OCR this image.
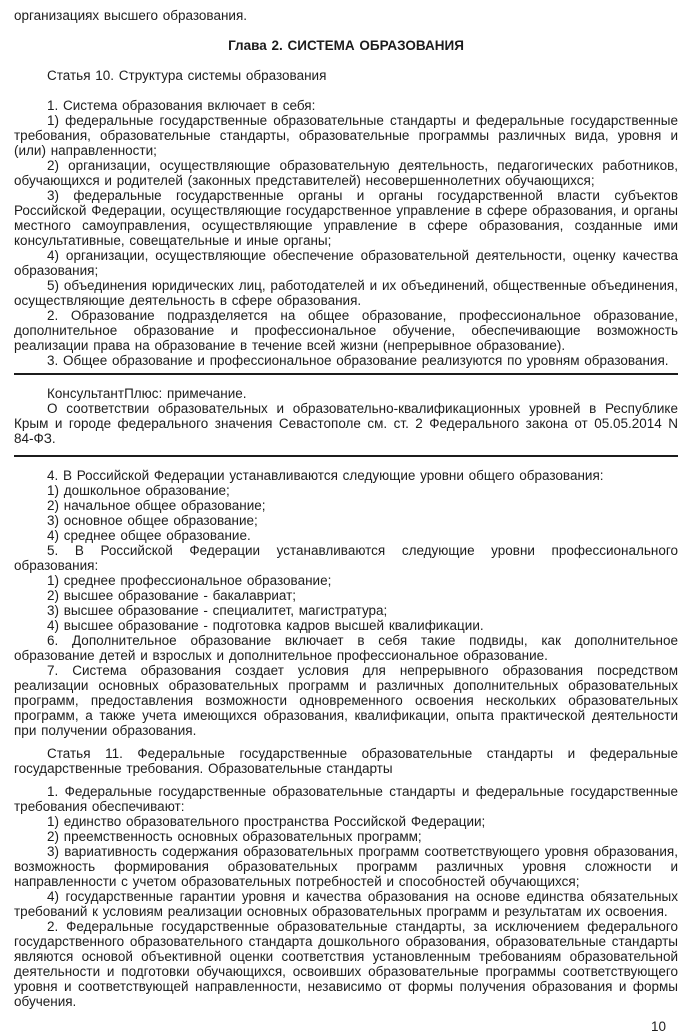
организациях высшего образования.

Глава 2. СИСТЕМА ОБРАЗОВАНИЯ

Статья 10. Структура системы образования

1. Система образования включает в себя:

1) федеральные государственные образовательные стандарты и федеральные государственные требования, образовательные стандарты, образовательные программы различных вида, уровня и (или) направленности;

2) организации, осуществляющие образовательную деятельность, педагогических работников, обучающихся и родителей (законных представителей) несовершеннолетних обучающихся;

3) федеральные государственные органы и органы государственной власти субъектов Российской Федерации, осуществляющие государственное управление в сфере образования, и органы местного самоуправления, осуществляющие управление в сфере образования, созданные ими консультативные, совещательные и иные органы;

4) организации, осуществляющие обеспечение образовательной деятельности, оценку качества образования;

5) объединения юридических лиц, работодателей и их объединений, общественные объединения, осуществляющие деятельность в сфере образования.

2. Образование подразделяется на общее образование, профессиональное образование, дополнительное образование и профессиональное обучение, обеспечивающие возможность реализации права на образование в течение всей жизни (непрерывное образование).

3. Общее образование и профессиональное образование реализуются по уровням образования.

КонсультантПлюс: примечание.

О соответствии образовательных и образовательно-квалификационных уровней в Республике Крым и городе федерального значения Севастополе см. ст. 2 Федерального закона от 05.05.2014 N 84-ФЗ.

4. В Российской Федерации устанавливаются следующие уровни общего образования:

1) дошкольное образование;

2) начальное общее образование;

3) основное общее образование;

4) среднее общее образование.

5. В Российской Федерации устанавливаются следующие уровни профессионального образования:

1) среднее профессиональное образование;

2) высшее образование - бакалавриат;

3) высшее образование - специалитет, магистратура;

4) высшее образование - подготовка кадров высшей квалификации.

6. Дополнительное образование включает в себя такие подвиды, как дополнительное образование детей и взрослых и дополнительное профессиональное образование.

7. Система образования создает условия для непрерывного образования посредством реализации основных образовательных программ и различных дополнительных образовательных программ, предоставления возможности одновременного освоения нескольких образовательных программ, а также учета имеющихся образования, квалификации, опыта практической деятельности при получении образования.

Статья 11. Федеральные государственные образовательные стандарты и федеральные государственные требования. Образовательные стандарты

1. Федеральные государственные образовательные стандарты и федеральные государственные требования обеспечивают:

1) единство образовательного пространства Российской Федерации;

2) преемственность основных образовательных программ;

3) вариативность содержания образовательных программ соответствующего уровня образования, возможность формирования образовательных программ различных уровня сложности и направленности с учетом образовательных потребностей и способностей обучающихся;

4) государственные гарантии уровня и качества образования на основе единства обязательных требований к условиям реализации основных образовательных программ и результатам их освоения.

2. Федеральные государственные образовательные стандарты, за исключением федерального государственного образовательного стандарта дошкольного образования, образовательные стандарты являются основой объективной оценки соответствия установленным требованиям образовательной деятельности и подготовки обучающихся, освоивших образовательные программы соответствующего уровня и соответствующей направленности, независимо от формы получения образования и формы обучения.

10
